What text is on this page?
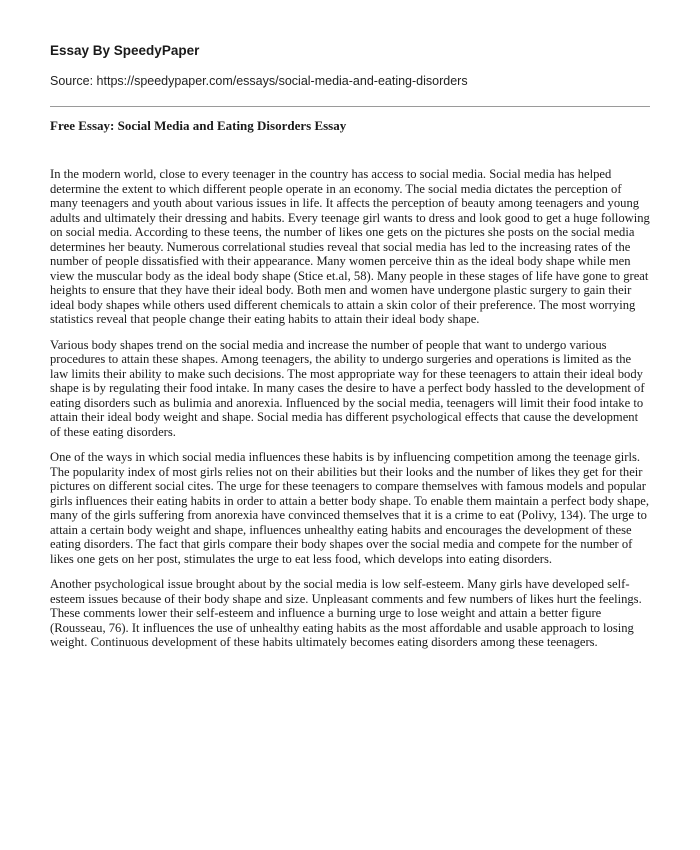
Essay By SpeedyPaper
Source: https://speedypaper.com/essays/social-media-and-eating-disorders
Free Essay: Social Media and Eating Disorders Essay

In the modern world, close to every teenager in the country has access to social media. Social media has helped determine the extent to which different people operate in an economy. The social media dictates the perception of many teenagers and youth about various issues in life. It affects the perception of beauty among teenagers and young adults and ultimately their dressing and habits. Every teenage girl wants to dress and look good to get a huge following on social media. According to these teens, the number of likes one gets on the pictures she posts on the social media determines her beauty. Numerous correlational studies reveal that social media has led to the increasing rates of the number of people dissatisfied with their appearance. Many women perceive thin as the ideal body shape while men view the muscular body as the ideal body shape (Stice et.al, 58). Many people in these stages of life have gone to great heights to ensure that they have their ideal body. Both men and women have undergone plastic surgery to gain their ideal body shapes while others used different chemicals to attain a skin color of their preference. The most worrying statistics reveal that people change their eating habits to attain their ideal body shape.

Various body shapes trend on the social media and increase the number of people that want to undergo various procedures to attain these shapes. Among teenagers, the ability to undergo surgeries and operations is limited as the law limits their ability to make such decisions. The most appropriate way for these teenagers to attain their ideal body shape is by regulating their food intake. In many cases the desire to have a perfect body hassled to the development of eating disorders such as bulimia and anorexia. Influenced by the social media, teenagers will limit their food intake to attain their ideal body weight and shape. Social media has different psychological effects that cause the development of these eating disorders.

One of the ways in which social media influences these habits is by influencing competition among the teenage girls. The popularity index of most girls relies not on their abilities but their looks and the number of likes they get for their pictures on different social cites. The urge for these teenagers to compare themselves with famous models and popular girls influences their eating habits in order to attain a better body shape. To enable them maintain a perfect body shape, many of the girls suffering from anorexia have convinced themselves that it is a crime to eat (Polivy, 134). The urge to attain a certain body weight and shape, influences unhealthy eating habits and encourages the development of these eating disorders. The fact that girls compare their body shapes over the social media and compete for the number of likes one gets on her post, stimulates the urge to eat less food, which develops into eating disorders.

Another psychological issue brought about by the social media is low self-esteem. Many girls have developed self-esteem issues because of their body shape and size. Unpleasant comments and few numbers of likes hurt the feelings. These comments lower their self-esteem and influence a burning urge to lose weight and attain a better figure (Rousseau, 76). It influences the use of unhealthy eating habits as the most affordable and usable approach to losing weight. Continuous development of these habits ultimately becomes eating disorders among these teenagers.
